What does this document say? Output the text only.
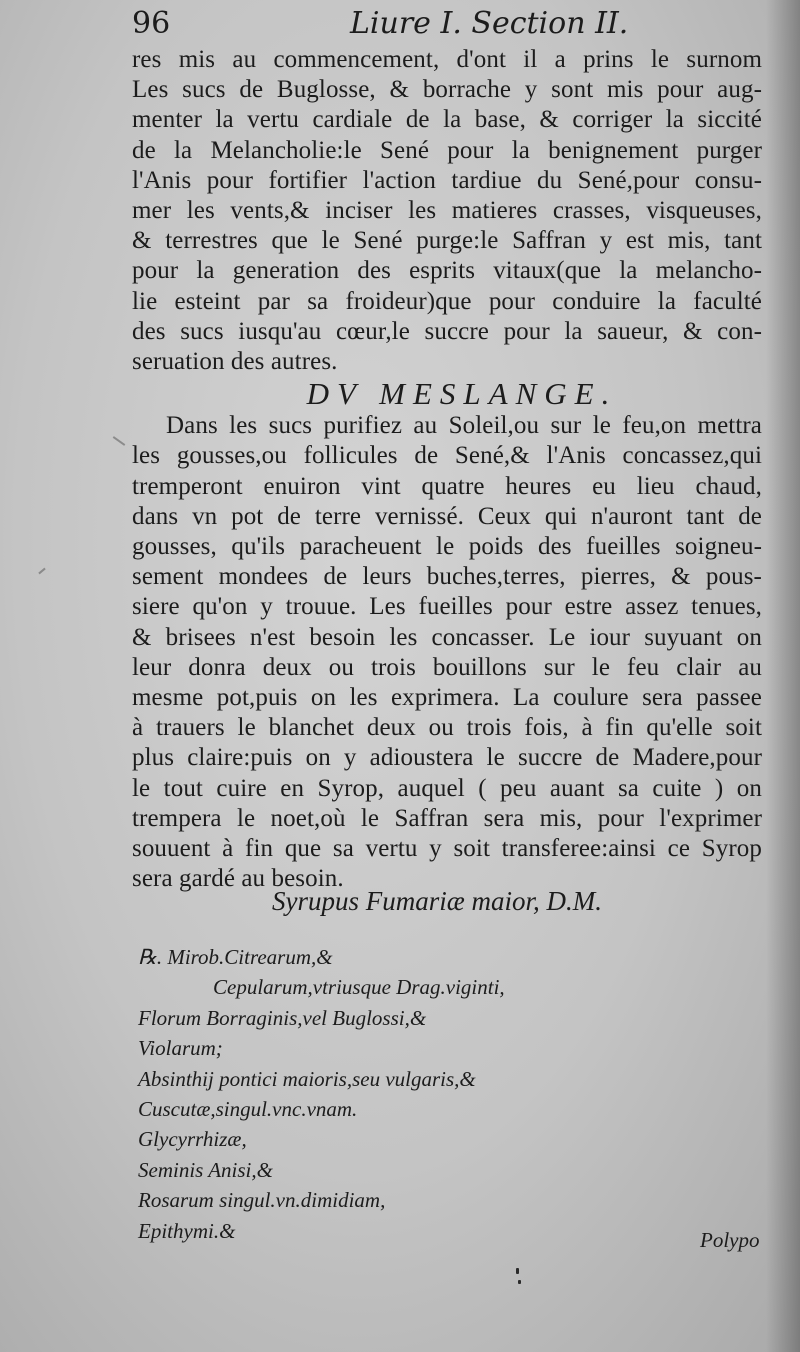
96	Liure I. Section II.
res mis au commencement, d'ont il a prins le surnom
Les sucs de Buglosse, & borrache y sont mis pour aug-
menter la vertu cardiale de la base, & corriger la siccité
de la Melancholie:le Sené pour la benignement purger
l'Anis pour fortifier l'action tardiue du Sené,pour consu-
mer les vents,& inciser les matieres crasses, visqueuses,
& terrestres que le Sené purge:le Saffran y est mis, tant
pour la generation des esprits vitaux(que la melancho-
lie esteint par sa froideur)que pour conduire la faculté
des sucs iusqu'au cœur,le succre pour la saueur, & con-
seruation des autres.
DV MESLANGE.
Dans les sucs purifiez au Soleil,ou sur le feu,on mettra
les gousses,ou follicules de Sené,& l'Anis concassez,qui
tremperont enuiron vint quatre heures eu lieu chaud,
dans vn pot de terre vernissé. Ceux qui n'auront tant de
gousses, qu'ils paracheuent le poids des fueilles soigneu-
sement mondees de leurs buches,terres, pierres, & pous-
siere qu'on y trouue. Les fueilles pour estre assez tenues,
& brisees n'est besoin les concasser. Le iour suyuant on
leur donra deux ou trois bouillons sur le feu clair au
mesme pot,puis on les exprimera. La coulure sera passee
à trauers le blanchet deux ou trois fois, à fin qu'elle soit
plus claire:puis on y adioustera le succre de Madere,pour
le tout cuire en Syrop, auquel ( peu auant sa cuite ) on
trempera le noet,où le Saffran sera mis, pour l'exprimer
souuent à fin que sa vertu y soit transferee:ainsi ce Syrop
sera gardé au besoin.
Syrupus Fumariæ maior, D.M.
℞. Mirob.Citrearum,&
Cepularum,vtriusque Drag.viginti,
Florum Borraginis,vel Buglossi,&
Violarum;
Absinthij pontici maioris,seu vulgaris,&
Cuscutæ,singul.vnc.vnam.
Glycyrrhizæ,
Seminis Anisi,&
Rosarum singul.vn.dimidiam,
Epithymi.&	Polypo
